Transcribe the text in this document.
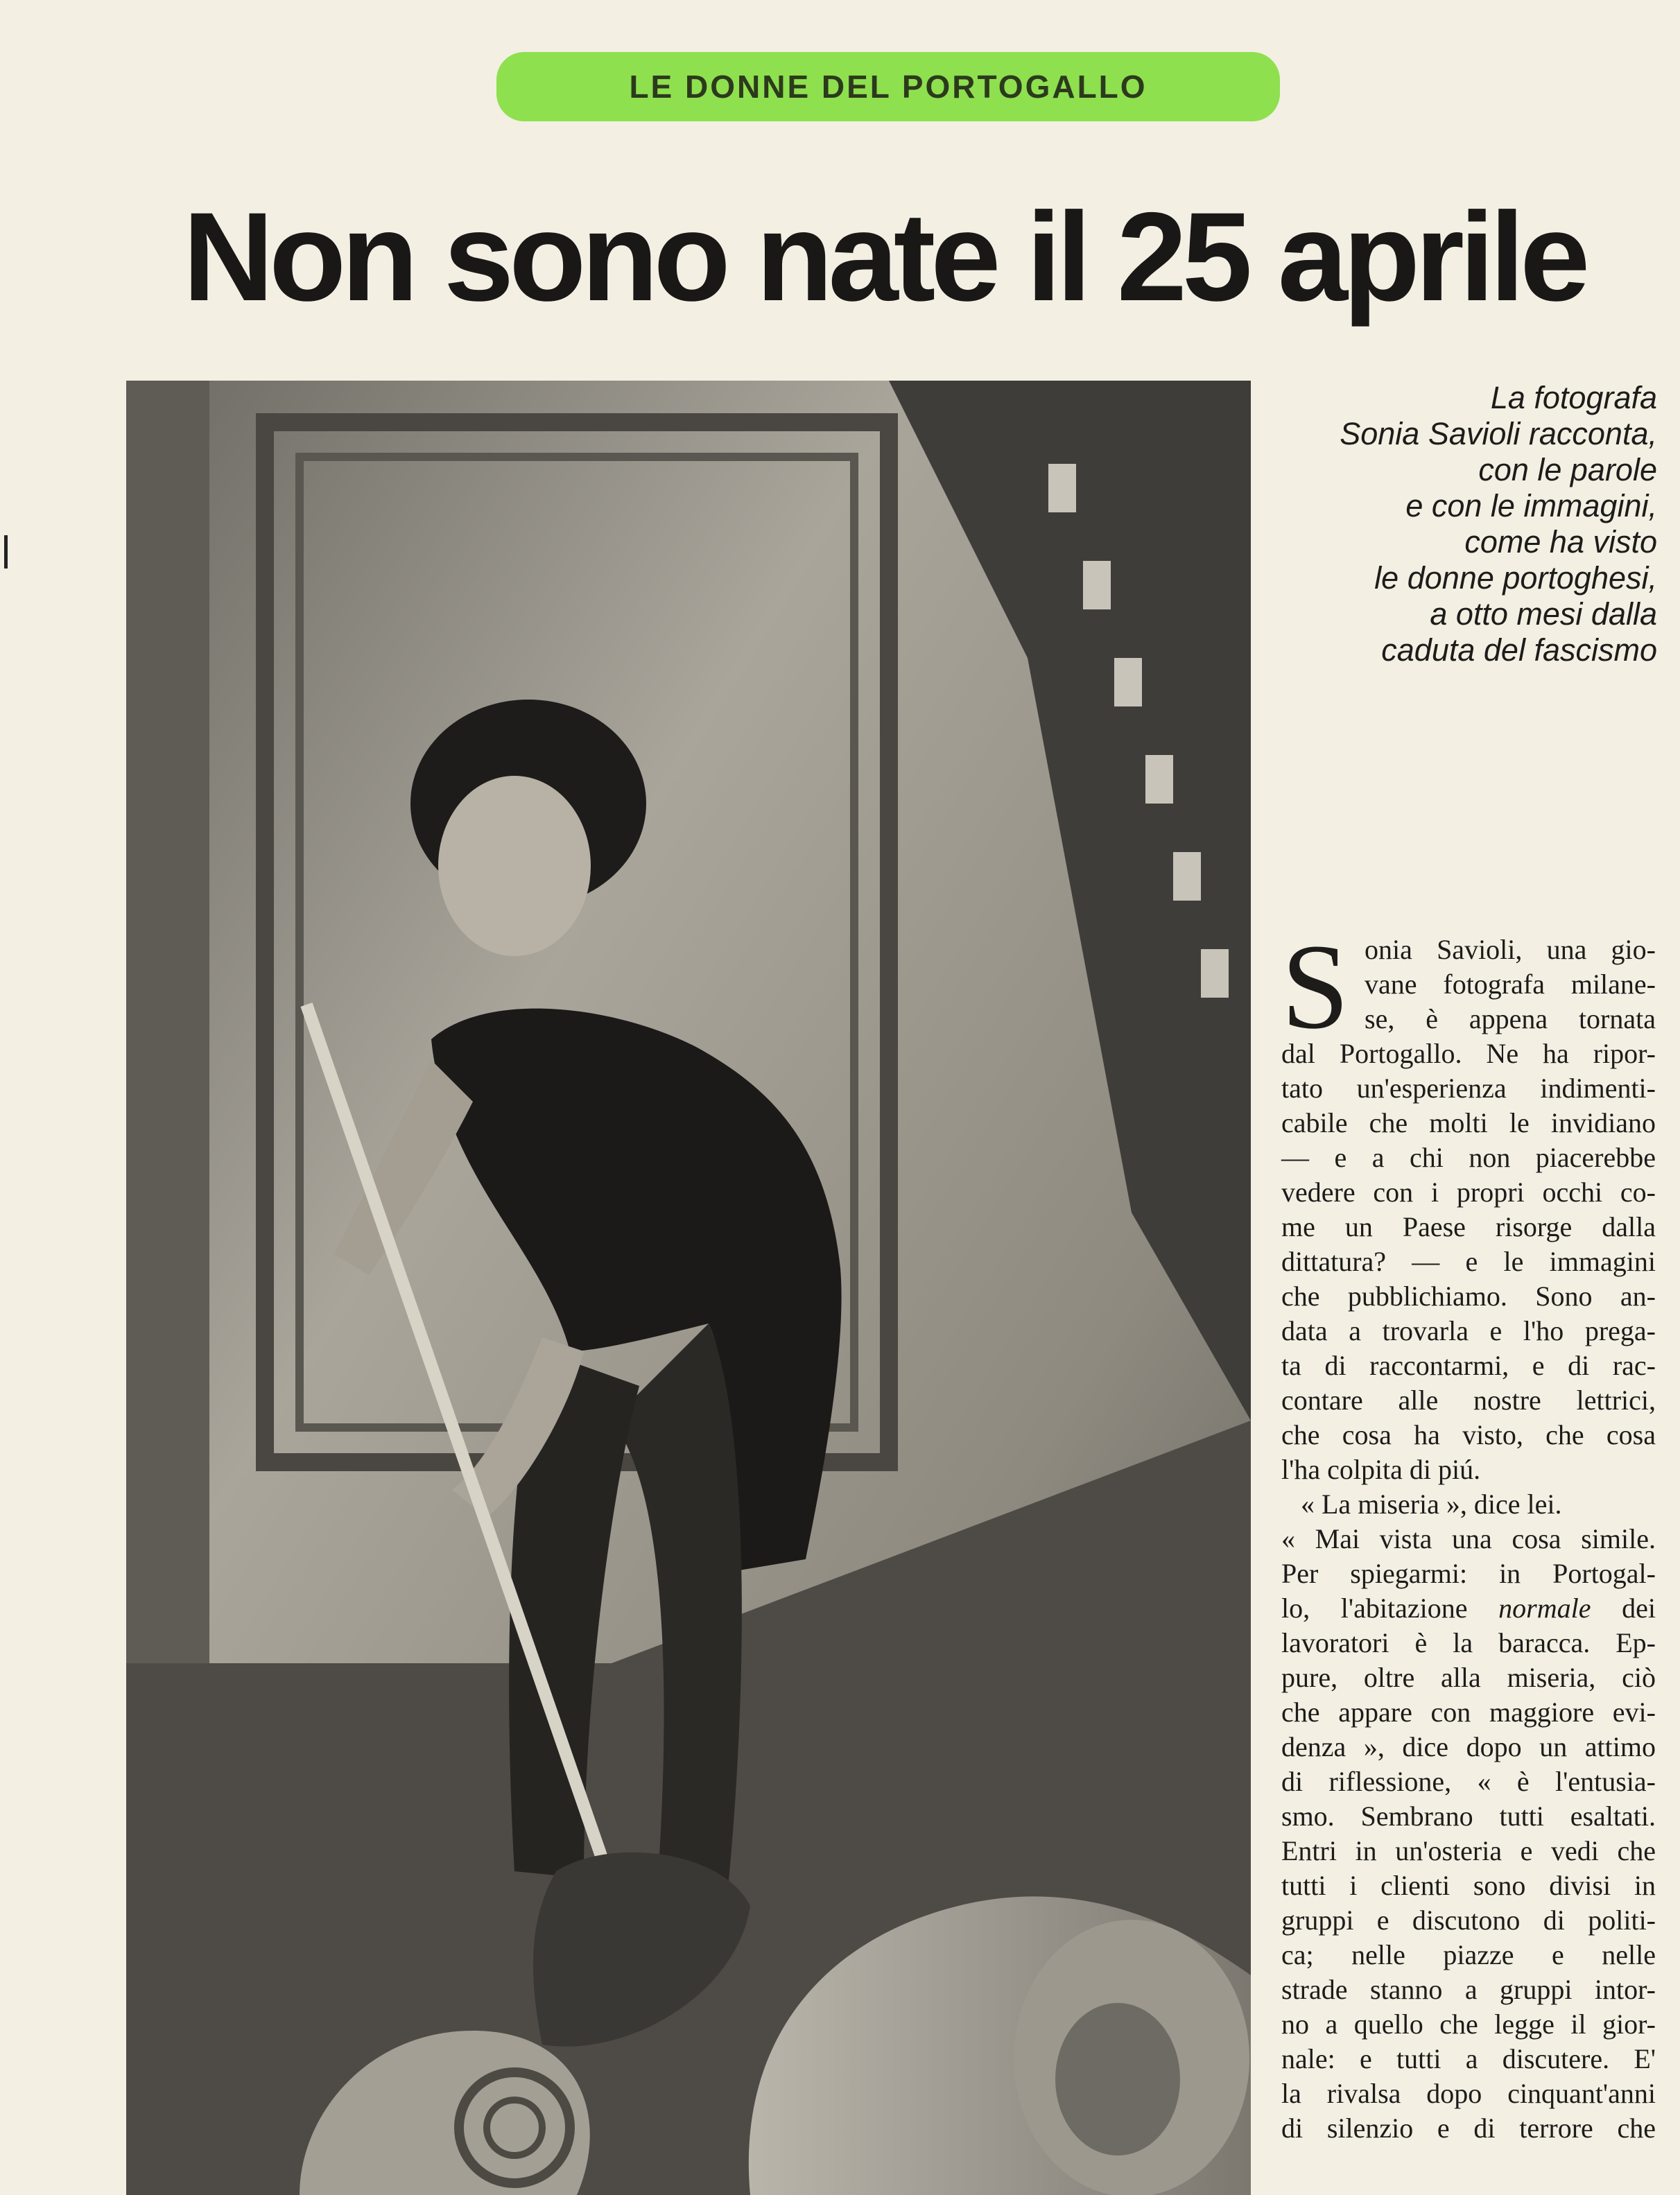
LE DONNE DEL PORTOGALLO
Non sono nate il 25 aprile
La fotografa
Sonia Savioli racconta,
con le parole
e con le immagini,
come ha visto
le donne portoghesi,
a otto mesi dalla
caduta del fascismo
S onia Savioli, una gio-
vane fotografa milane-
se, è appena tornata
dal Portogallo. Ne ha ripor-
tato un'esperienza indimenti-
cabile che molti le invidiano
— e a chi non piacerebbe
vedere con i propri occhi co-
me un Paese risorge dalla
dittatura? — e le immagini
che pubblichiamo. Sono an-
data a trovarla e l'ho prega-
ta di raccontarmi, e di rac-
contare alle nostre lettrici,
che cosa ha visto, che cosa
l'ha colpita di piú.
« La miseria », dice lei.
« Mai vista una cosa simile.
Per spiegarmi: in Portogal-
lo, l'abitazione normale dei
lavoratori è la baracca. Ep-
pure, oltre alla miseria, ciò
che appare con maggiore evi-
denza », dice dopo un attimo
di riflessione, « è l'entusia-
smo. Sembrano tutti esaltati.
Entri in un'osteria e vedi che
tutti i clienti sono divisi in
gruppi e discutono di politi-
ca; nelle piazze e nelle
strade stanno a gruppi intor-
no a quello che legge il gior-
nale: e tutti a discutere. E'
la rivalsa dopo cinquant'anni
di silenzio e di terrore che
